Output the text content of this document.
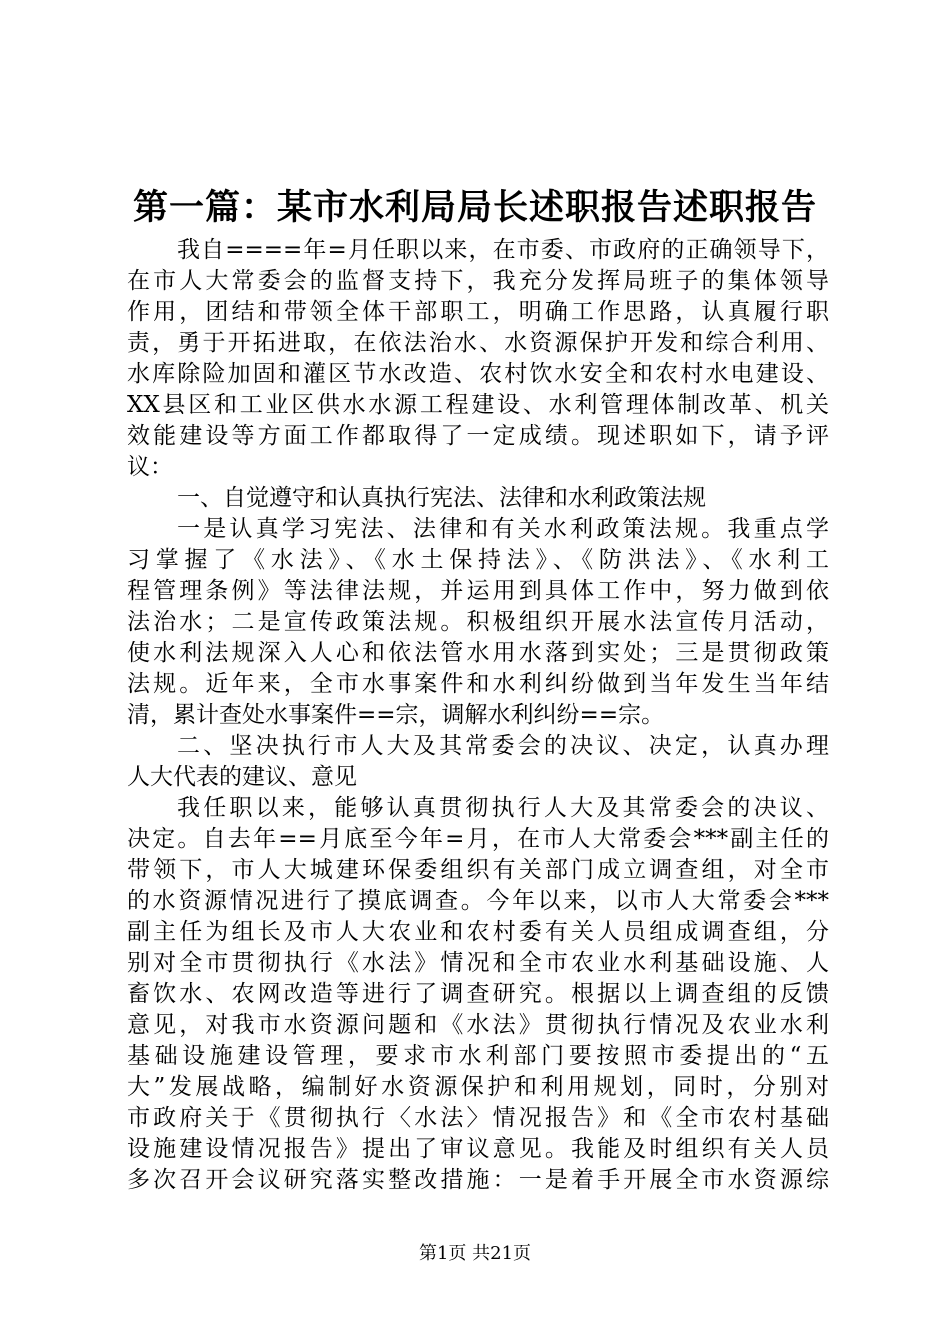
第一篇：某市水利局局长述职报告述职报告
我自====年=月任职以来，在市委、市政府的正确领导下，
在市人大常委会的监督支持下，我充分发挥局班子的集体领导
作用，团结和带领全体干部职工，明确工作思路，认真履行职
责，勇于开拓进取，在依法治水、水资源保护开发和综合利用、
水库除险加固和灌区节水改造、农村饮水安全和农村水电建设、
XX县区和工业区供水水源工程建设、水利管理体制改革、机关
效能建设等方面工作都取得了一定成绩。现述职如下，请予评
议：
一、自觉遵守和认真执行宪法、法律和水利政策法规
一是认真学习宪法、法律和有关水利政策法规。我重点学
习掌握了《水法》、《水土保持法》、《防洪法》、《水利工
程管理条例》等法律法规，并运用到具体工作中，努力做到依
法治水；二是宣传政策法规。积极组织开展水法宣传月活动，
使水利法规深入人心和依法管水用水落到实处；三是贯彻政策
法规。近年来，全市水事案件和水利纠纷做到当年发生当年结
清，累计查处水事案件==宗，调解水利纠纷==宗。
二、坚决执行市人大及其常委会的决议、决定，认真办理
人大代表的建议、意见
我任职以来，能够认真贯彻执行人大及其常委会的决议、
决定。自去年==月底至今年=月，在市人大常委会***副主任的
带领下，市人大城建环保委组织有关部门成立调查组，对全市
的水资源情况进行了摸底调查。今年以来，以市人大常委会***
副主任为组长及市人大农业和农村委有关人员组成调查组，分
别对全市贯彻执行《水法》情况和全市农业水利基础设施、人
畜饮水、农网改造等进行了调查研究。根据以上调查组的反馈
意见，对我市水资源问题和《水法》贯彻执行情况及农业水利
基础设施建设管理，要求市水利部门要按照市委提出的“五
大”发展战略，编制好水资源保护和利用规划，同时，分别对
市政府关于《贯彻执行〈水法〉情况报告》和《全市农村基础
设施建设情况报告》提出了审议意见。我能及时组织有关人员
多次召开会议研究落实整改措施：一是着手开展全市水资源综
第1页 共21页
